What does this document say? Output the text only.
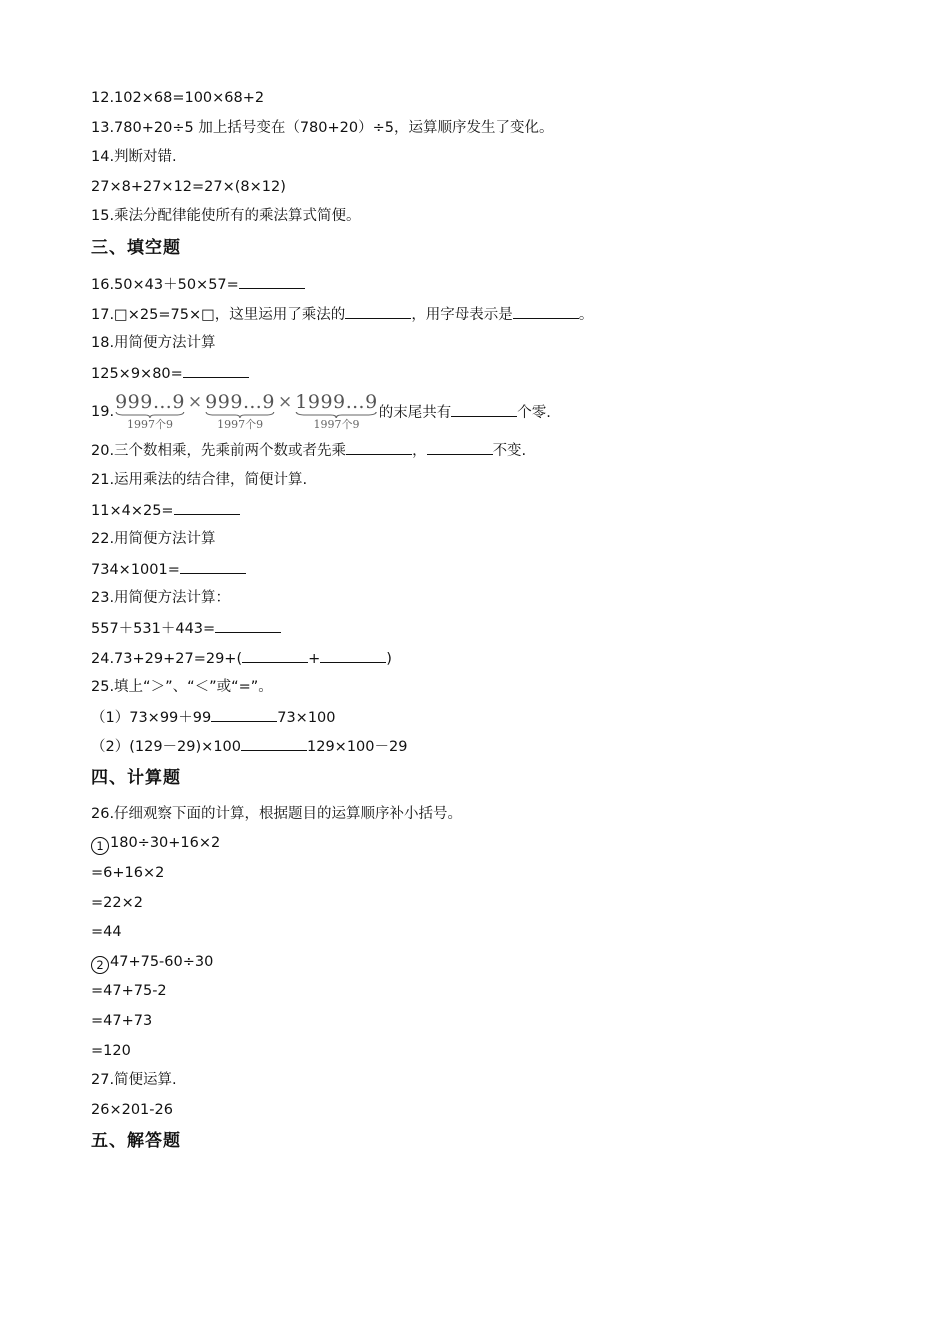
12.102×68=100×68+2
13.780+20÷5 加上括号变在（780+20）÷5，运算顺序发生了变化。
14.判断对错.
27×8+27×12=27×(8×12)
15.乘法分配律能使所有的乘法算式简便。
三、填空题
16.50×43＋50×57=
17.□×25=75×□，这里运用了乘法的	，用字母表示是	。
18.用简便方法计算
125×9×80=
19. 999…9
1997个9
× 999…9
1997个9
× 1999…9
1997个9
的末尾共有	个零.
20.三个数相乘，先乘前两个数或者先乘	，	不变.
21.运用乘法的结合律，简便计算.
11×4×25=
22.用简便方法计算
734×1001=
23.用简便方法计算：
557＋531＋443=
24.73+29+27=29+(	+	)
25.填上“＞”、“＜”或“=”。
（1）73×99＋99	73×100
（2）(129－29)×100	129×100－29
四、计算题
26.仔细观察下面的计算，根据题目的运算顺序补小括号。
1 180÷30+16×2
=6+16×2
=22×2
=44
2 47+75-60÷30
=47+75-2
=47+73
=120
27.简便运算.
26×201-26
五、解答题
